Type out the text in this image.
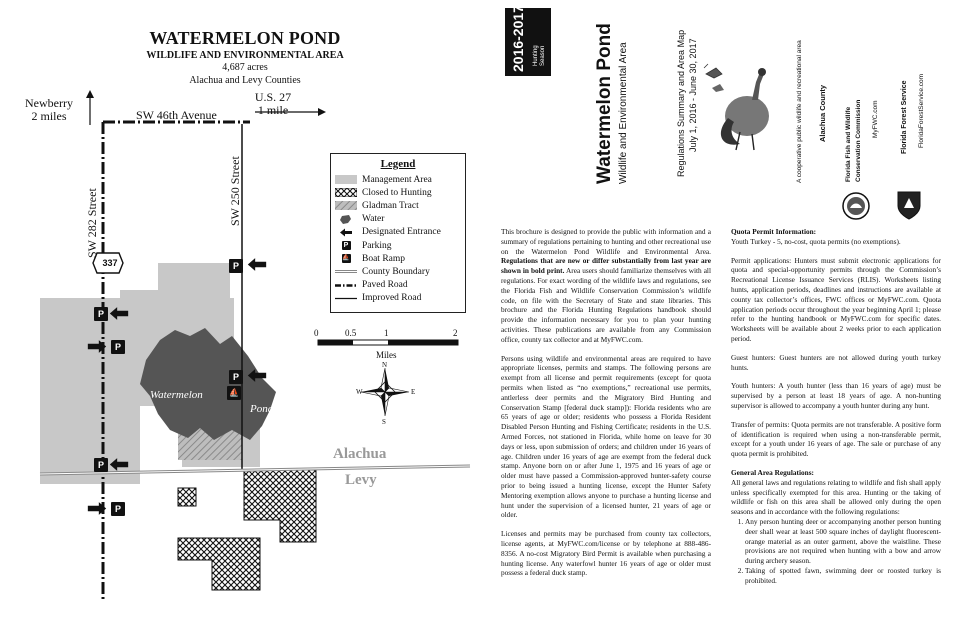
WATERMELON POND
WILDLIFE AND ENVIRONMENTAL AREA
4,687 acres
Alachua and Levy Counties
Newberry
2 miles
U.S. 27
1 mile
SW 46th Avenue
SW 282 Street	SW 250 Street
337
Watermelon
Pond
Alachua
Levy
P
P
P
P
⛵
P
P
0	0.5	1	2
Miles
N
S
E
W
Legend
Management Area
Closed to Hunting
Gladman Tract
Water
Designated Entrance
P Parking
⛵ Boat Ramp
County Boundary
Paved Road
Improved Road
2016-2017 Hunting Season	Watermelon Pond Wildlife and Environmental Area	Regulations Summary and Area Map July 1, 2016 - June 30, 2017	A cooperative public wildlife and recreational area Alachua County	Florida Fish and Wildlife Conservation Commission MyFWC.com
FLORIDA
Florida Forest Service FloridaForestService.com

This brochure is designed to provide the public with information and a summary of regulations pertaining to hunting and other recreational use on the Watermelon Pond Wildlife and Environmental Area. Regulations that are new or differ substantially from last year are shown in bold print. Area users should familiarize themselves with all regulations. For exact wording of the wildlife laws and regulations, see the Florida Fish and Wildlife Conservation Commission’s wildlife code, on file with the Secretary of State and state libraries. This brochure and the Florida Hunting Regulations handbook should provide the information necessary for you to plan your hunting activities. These publications are available from any Commission office, county tax collector and at MyFWC.com.

Persons using wildlife and environmental areas are required to have appropriate licenses, permits and stamps. The following persons are exempt from all license and permit requirements (except for quota permits when listed as “no exemptions,” recreational use permits, antlerless deer permits and the Migratory Bird Hunting and Conservation Stamp [federal duck stamp]): Florida residents who are 65 years of age or older; residents who possess a Florida Resident Disabled Person Hunting and Fishing Certificate; residents in the U.S. Armed Forces, not stationed in Florida, while home on leave for 30 days or less, upon submission of orders; and children under 16 years of age. Children under 16 years of age are exempt from the federal duck stamp. Anyone born on or after June 1, 1975 and 16 years of age or older must have passed a Commission-approved hunter-safety course prior to being issued a hunting license, except the Hunter Safety Mentoring exemption allows anyone to purchase a hunting license and hunt under the supervision of a licensed hunter, 21 years of age or older.

Licenses and permits may be purchased from county tax collectors, license agents, at MyFWC.com/license or by telephone at 888-486-8356. A no-cost Migratory Bird Permit is available when purchasing a hunting license. Any waterfowl hunter 16 years of age or older must possess a federal duck stamp.

Quota Permit Information:

Youth Turkey - 5, no-cost, quota permits (no exemptions).

Permit applications: Hunters must submit electronic applications for quota and special-opportunity permits through the Commission’s Recreational License Issuance Services (RLIS). Worksheets listing hunts, application periods, deadlines and instructions are available at county tax collector’s offices, FWC offices or MyFWC.com. Quota application periods occur throughout the year beginning April 1; please refer to the hunting handbook or MyFWC.com for specific dates. Worksheets will be available about 2 weeks prior to each application period.

Guest hunters: Guest hunters are not allowed during youth turkey hunts.

Youth hunters: A youth hunter (less than 16 years of age) must be supervised by a person at least 18 years of age. A non-hunting supervisor is allowed to accompany a youth hunter during any hunt.

Transfer of permits: Quota permits are not transferable. A positive form of identification is required when using a non-transferable permit, except for a youth under 16 years of age. The sale or purchase of any quota permit is prohibited.

General Area Regulations:
All general laws and regulations relating to wildlife and fish shall apply unless specifically exempted for this area. Hunting or the taking of wildlife or fish on this area shall be allowed only during the open seasons and in accordance with the following regulations:
1. Any person hunting deer or accompanying another person hunting deer shall wear at least 500 square inches of daylight fluorescent-orange material as an outer garment, above the waistline. These provisions are not required when hunting with a bow and arrow during archery season.
2. Taking of spotted fawn, swimming deer or roosted turkey is prohibited.
